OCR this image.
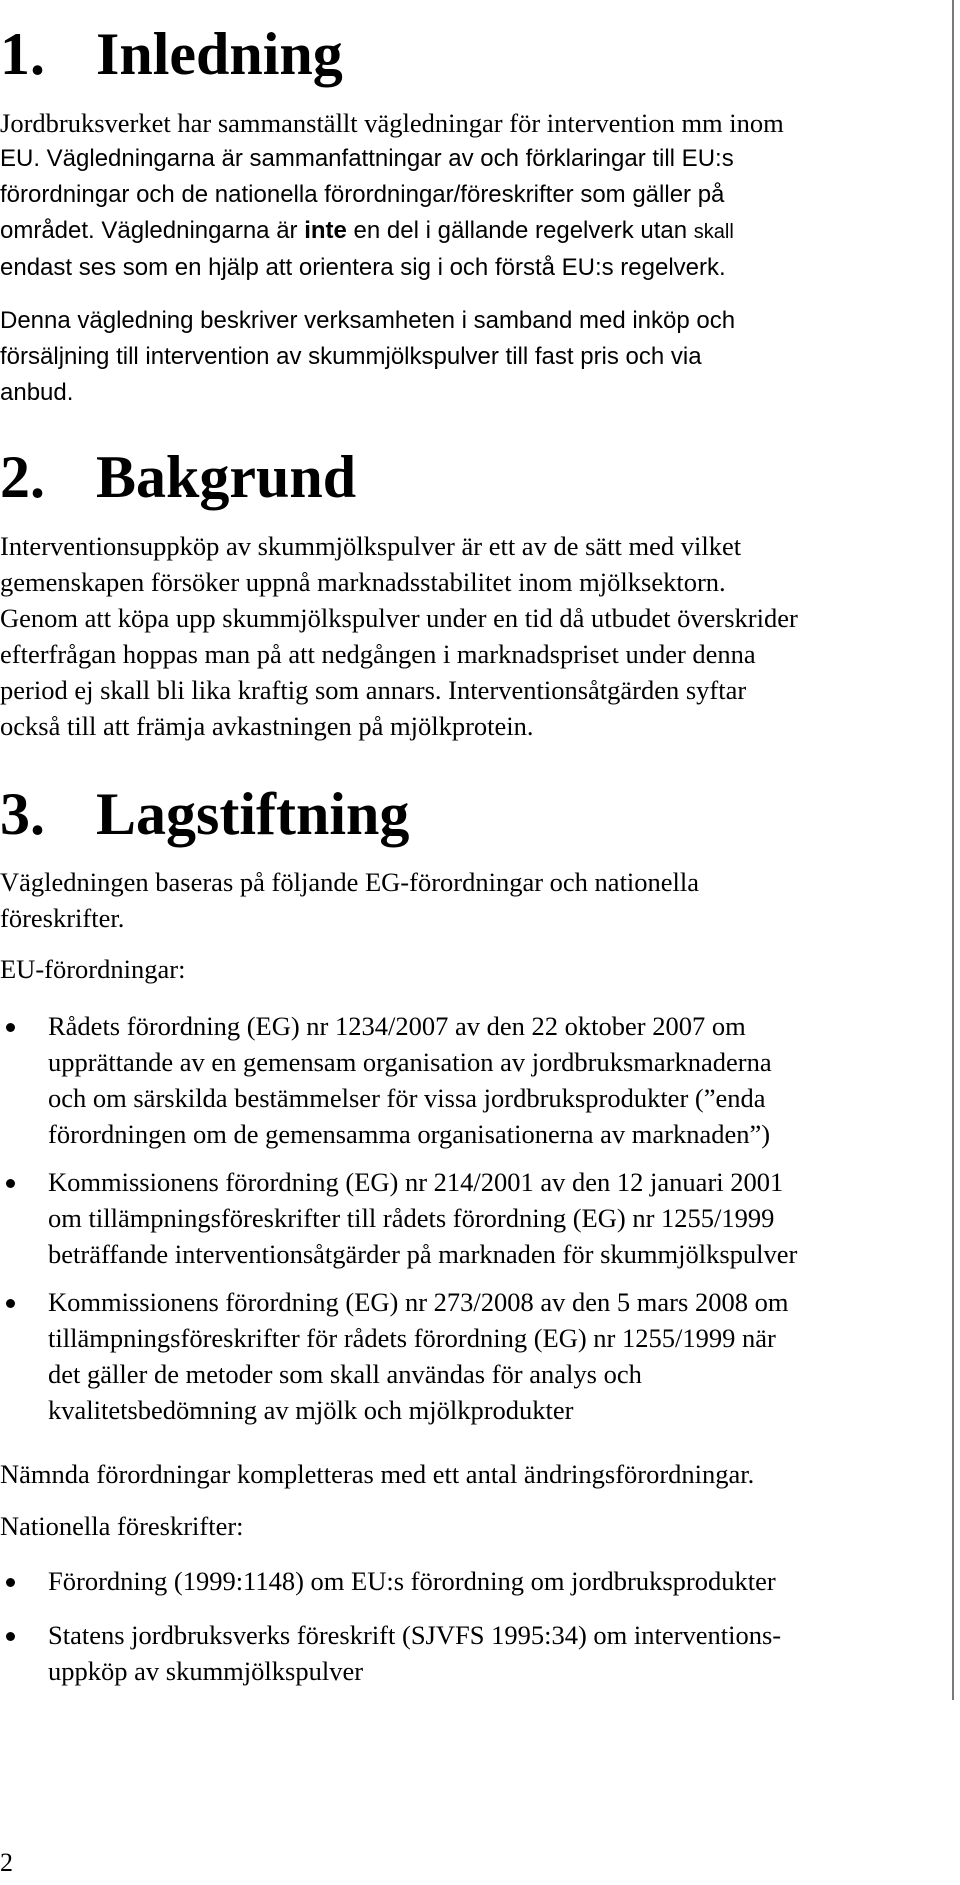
1. Inledning

Jordbruksverket har sammanställt vägledningar för intervention mm inom
EU. Vägledningarna är sammanfattningar av och förklaringar till EU:s
förordningar och de nationella förordningar/föreskrifter som gäller på
området. Vägledningarna är inte en del i gällande regelverk utan skall
endast ses som en hjälp att orientera sig i och förstå EU:s regelverk.

Denna vägledning beskriver verksamheten i samband med inköp och
försäljning till intervention av skummjölkspulver till fast pris och via
anbud.

2. Bakgrund

Interventionsuppköp av skummjölkspulver är ett av de sätt med vilket
gemenskapen försöker uppnå marknadsstabilitet inom mjölksektorn.
Genom att köpa upp skummjölkspulver under en tid då utbudet överskrider
efterfrågan hoppas man på att nedgången i marknadspriset under denna
period ej skall bli lika kraftig som annars. Interventionsåtgärden syftar
också till att främja avkastningen på mjölkprotein.

3. Lagstiftning

Vägledningen baseras på följande EG-förordningar och nationella
föreskrifter.

EU-förordningar:

Rådets förordning (EG) nr 1234/2007 av den 22 oktober 2007 om
upprättande av en gemensam organisation av jordbruksmarknaderna
och om särskilda bestämmelser för vissa jordbruksprodukter (”enda
förordningen om de gemensamma organisationerna av marknaden”)
Kommissionens förordning (EG) nr 214/2001 av den 12 januari 2001
om tillämpningsföreskrifter till rådets förordning (EG) nr 1255/1999
beträffande interventionsåtgärder på marknaden för skummjölkspulver
Kommissionens förordning (EG) nr 273/2008 av den 5 mars 2008 om
tillämpningsföreskrifter för rådets förordning (EG) nr 1255/1999 när
det gäller de metoder som skall användas för analys och
kvalitetsbedömning av mjölk och mjölkprodukter

Nämnda förordningar kompletteras med ett antal ändringsförordningar.

Nationella föreskrifter:

Förordning (1999:1148) om EU:s förordning om jordbruksprodukter
Statens jordbruksverks föreskrift (SJVFS 1995:34) om interventions-
uppköp av skummjölkspulver
2
